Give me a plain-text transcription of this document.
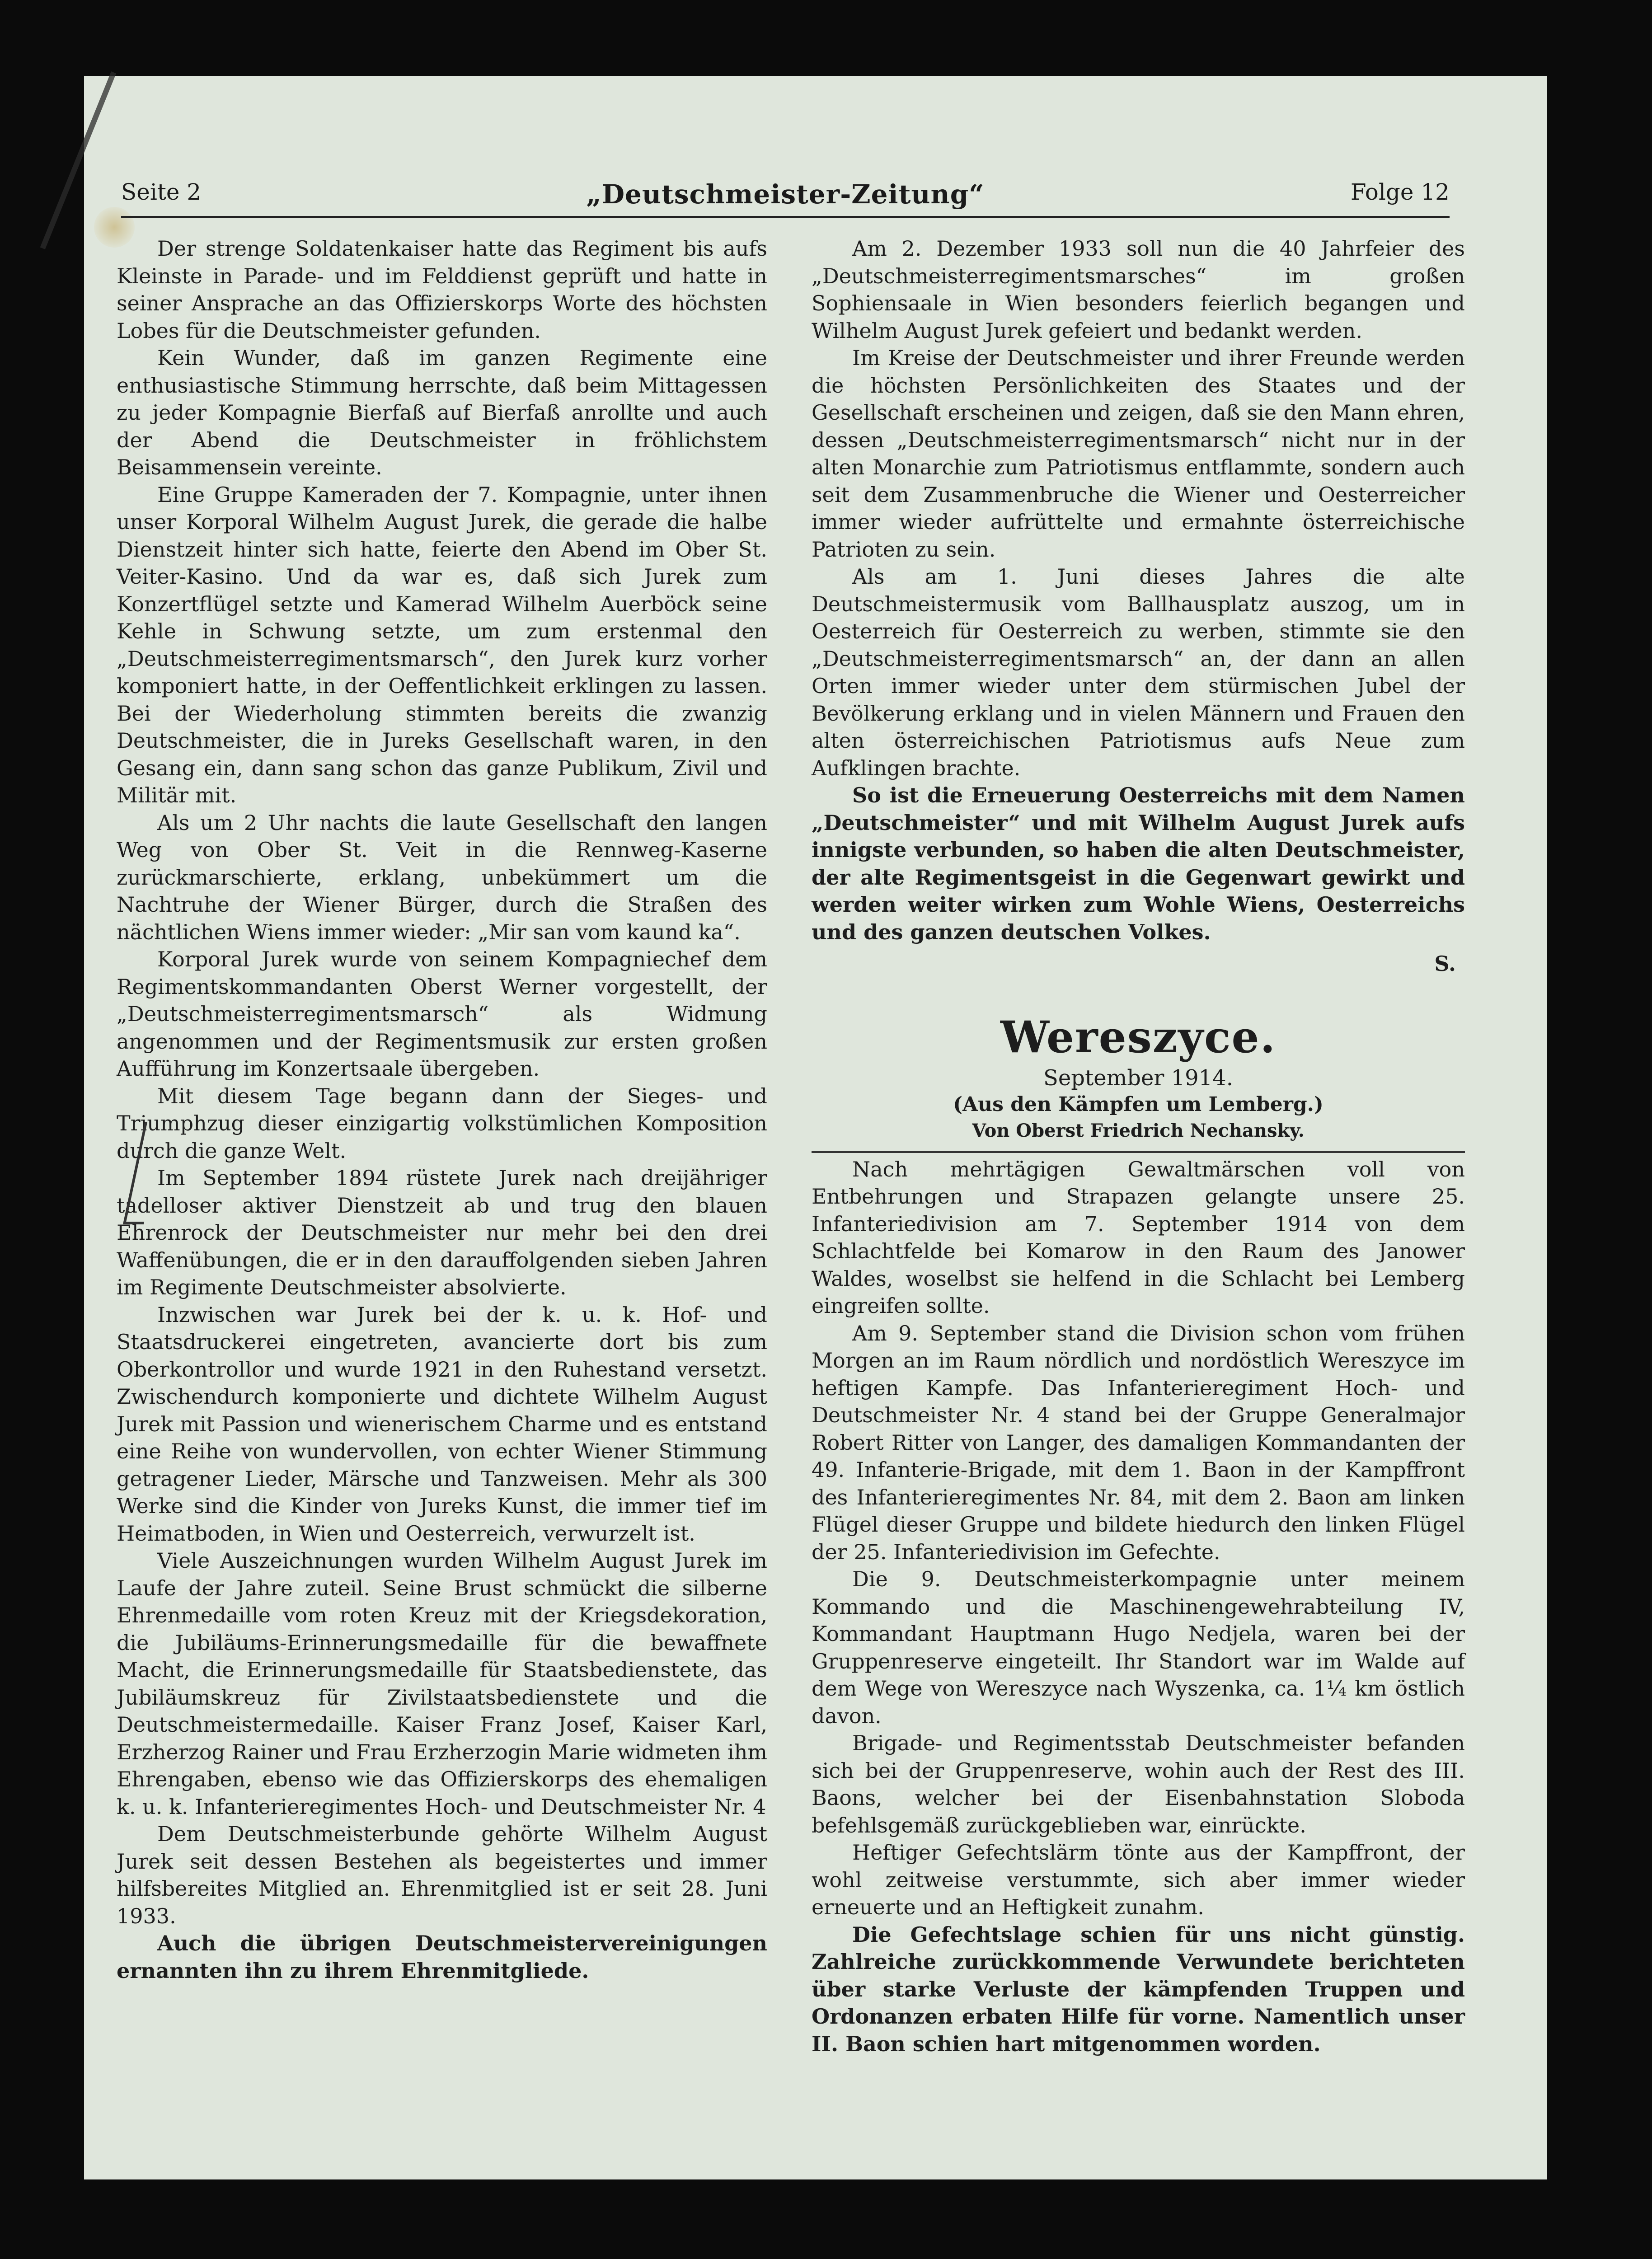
Seite 2	„Deutschmeister-Zeitung“	Folge 12

Der strenge Soldatenkaiser hatte das Regiment bis aufs Kleinste in Parade- und im Felddienst geprüft und hatte in seiner Ansprache an das Offizierskorps Worte des höchsten Lobes für die Deutschmeister gefunden.

Kein Wunder, daß im ganzen Regimente eine enthusiastische Stimmung herrschte, daß beim Mittagessen zu jeder Kompagnie Bierfaß auf Bierfaß anrollte und auch der Abend die Deutschmeister in fröhlichstem Beisammensein vereinte.

Eine Gruppe Kameraden der 7. Kompagnie, unter ihnen unser Korporal Wilhelm August Jurek, die gerade die halbe Dienstzeit hinter sich hatte, feierte den Abend im Ober St. Veiter-Kasino. Und da war es, daß sich Jurek zum Konzertflügel setzte und Kamerad Wilhelm Auerböck seine Kehle in Schwung setzte, um zum erstenmal den „Deutschmeisterregimentsmarsch“, den Jurek kurz vorher komponiert hatte, in der Oeffentlichkeit erklingen zu lassen. Bei der Wiederholung stimmten bereits die zwanzig Deutschmeister, die in Jureks Gesellschaft waren, in den Gesang ein, dann sang schon das ganze Publikum, Zivil und Militär mit.

Als um 2 Uhr nachts die laute Gesellschaft den langen Weg von Ober St. Veit in die Rennweg-Kaserne zurückmarschierte, erklang, unbekümmert um die Nachtruhe der Wiener Bürger, durch die Straßen des nächtlichen Wiens immer wieder: „Mir san vom kaund ka“.

Korporal Jurek wurde von seinem Kompagniechef dem Regimentskommandanten Oberst Werner vorgestellt, der „Deutschmeisterregimentsmarsch“ als Widmung angenommen und der Regimentsmusik zur ersten großen Aufführung im Konzertsaale übergeben.

Mit diesem Tage begann dann der Sieges- und Triumphzug dieser einzigartig volkstümlichen Komposition durch die ganze Welt.

Im September 1894 rüstete Jurek nach dreijähriger tadelloser aktiver Dienstzeit ab und trug den blauen Ehrenrock der Deutschmeister nur mehr bei den drei Waffenübungen, die er in den darauffolgenden sieben Jahren im Regimente Deutschmeister absolvierte.

Inzwischen war Jurek bei der k. u. k. Hof- und Staatsdruckerei eingetreten, avancierte dort bis zum Oberkontrollor und wurde 1921 in den Ruhestand versetzt. Zwischendurch komponierte und dichtete Wilhelm August Jurek mit Passion und wienerischem Charme und es entstand eine Reihe von wundervollen, von echter Wiener Stimmung getragener Lieder, Märsche und Tanzweisen. Mehr als 300 Werke sind die Kinder von Jureks Kunst, die immer tief im Heimatboden, in Wien und Oesterreich, verwurzelt ist.

Viele Auszeichnungen wurden Wilhelm August Jurek im Laufe der Jahre zuteil. Seine Brust schmückt die silberne Ehrenmedaille vom roten Kreuz mit der Kriegsdekoration, die Jubiläums-Erinnerungsmedaille für die bewaffnete Macht, die Erinnerungsmedaille für Staatsbedienstete, das Jubiläumskreuz für Zivilstaatsbedienstete und die Deutschmeistermedaille. Kaiser Franz Josef, Kaiser Karl, Erzherzog Rainer und Frau Erzherzogin Marie widmeten ihm Ehrengaben, ebenso wie das Offizierskorps des ehemaligen k. u. k. Infanterieregimentes Hoch- und Deutschmeister Nr. 4

Dem Deutschmeisterbunde gehörte Wilhelm August Jurek seit dessen Bestehen als begeistertes und immer hilfsbereites Mitglied an. Ehrenmitglied ist er seit 28. Juni 1933.

Auch die übrigen Deutschmeistervereinigungen ernannten ihn zu ihrem Ehrenmitgliede.

Am 2. Dezember 1933 soll nun die 40 Jahrfeier des „Deutschmeisterregimentsmarsches“ im großen Sophiensaale in Wien besonders feierlich begangen und Wilhelm August Jurek gefeiert und bedankt werden.

Im Kreise der Deutschmeister und ihrer Freunde werden die höchsten Persönlichkeiten des Staates und der Gesellschaft erscheinen und zeigen, daß sie den Mann ehren, dessen „Deutschmeisterregimentsmarsch“ nicht nur in der alten Monarchie zum Patriotismus entflammte, sondern auch seit dem Zusammenbruche die Wiener und Oesterreicher immer wieder aufrüttelte und ermahnte österreichische Patrioten zu sein.

Als am 1. Juni dieses Jahres die alte Deutschmeistermusik vom Ballhausplatz auszog, um in Oesterreich für Oesterreich zu werben, stimmte sie den „Deutschmeisterregimentsmarsch“ an, der dann an allen Orten immer wieder unter dem stürmischen Jubel der Bevölkerung erklang und in vielen Männern und Frauen den alten österreichischen Patriotismus aufs Neue zum Aufklingen brachte.

So ist die Erneuerung Oesterreichs mit dem Namen „Deutschmeister“ und mit Wilhelm August Jurek aufs innigste verbunden, so haben die alten Deutschmeister, der alte Regimentsgeist in die Gegenwart gewirkt und werden weiter wirken zum Wohle Wiens, Oesterreichs und des ganzen deutschen Volkes.

S.
Wereszyce.
September 1914.
(Aus den Kämpfen um Lemberg.)
Von Oberst Friedrich Nechansky.

Nach mehrtägigen Gewaltmärschen voll von Entbehrungen und Strapazen gelangte unsere 25. Infanteriedivision am 7. September 1914 von dem Schlachtfelde bei Komarow in den Raum des Janower Waldes, woselbst sie helfend in die Schlacht bei Lemberg eingreifen sollte.

Am 9. September stand die Division schon vom frühen Morgen an im Raum nördlich und nordöstlich Wereszyce im heftigen Kampfe. Das Infanterieregiment Hoch- und Deutschmeister Nr. 4 stand bei der Gruppe Generalmajor Robert Ritter von Langer, des damaligen Kommandanten der 49. Infanterie-Brigade, mit dem 1. Baon in der Kampffront des Infanterieregimentes Nr. 84, mit dem 2. Baon am linken Flügel dieser Gruppe und bildete hiedurch den linken Flügel der 25. Infanteriedivision im Gefechte.

Die 9. Deutschmeisterkompagnie unter meinem Kommando und die Maschinengewehrabteilung IV, Kommandant Hauptmann Hugo Nedjela, waren bei der Gruppenreserve eingeteilt. Ihr Standort war im Walde auf dem Wege von Wereszyce nach Wyszenka, ca. 1¼ km östlich davon.

Brigade- und Regimentsstab Deutschmeister befanden sich bei der Gruppenreserve, wohin auch der Rest des III. Baons, welcher bei der Eisenbahnstation Sloboda befehlsgemäß zurückgeblieben war, einrückte.

Heftiger Gefechtslärm tönte aus der Kampffront, der wohl zeitweise verstummte, sich aber immer wieder erneuerte und an Heftigkeit zunahm.

Die Gefechtslage schien für uns nicht günstig. Zahlreiche zurückkommende Verwundete berichteten über starke Verluste der kämpfenden Truppen und Ordonanzen erbaten Hilfe für vorne. Namentlich unser II. Baon schien hart mitgenommen worden.
